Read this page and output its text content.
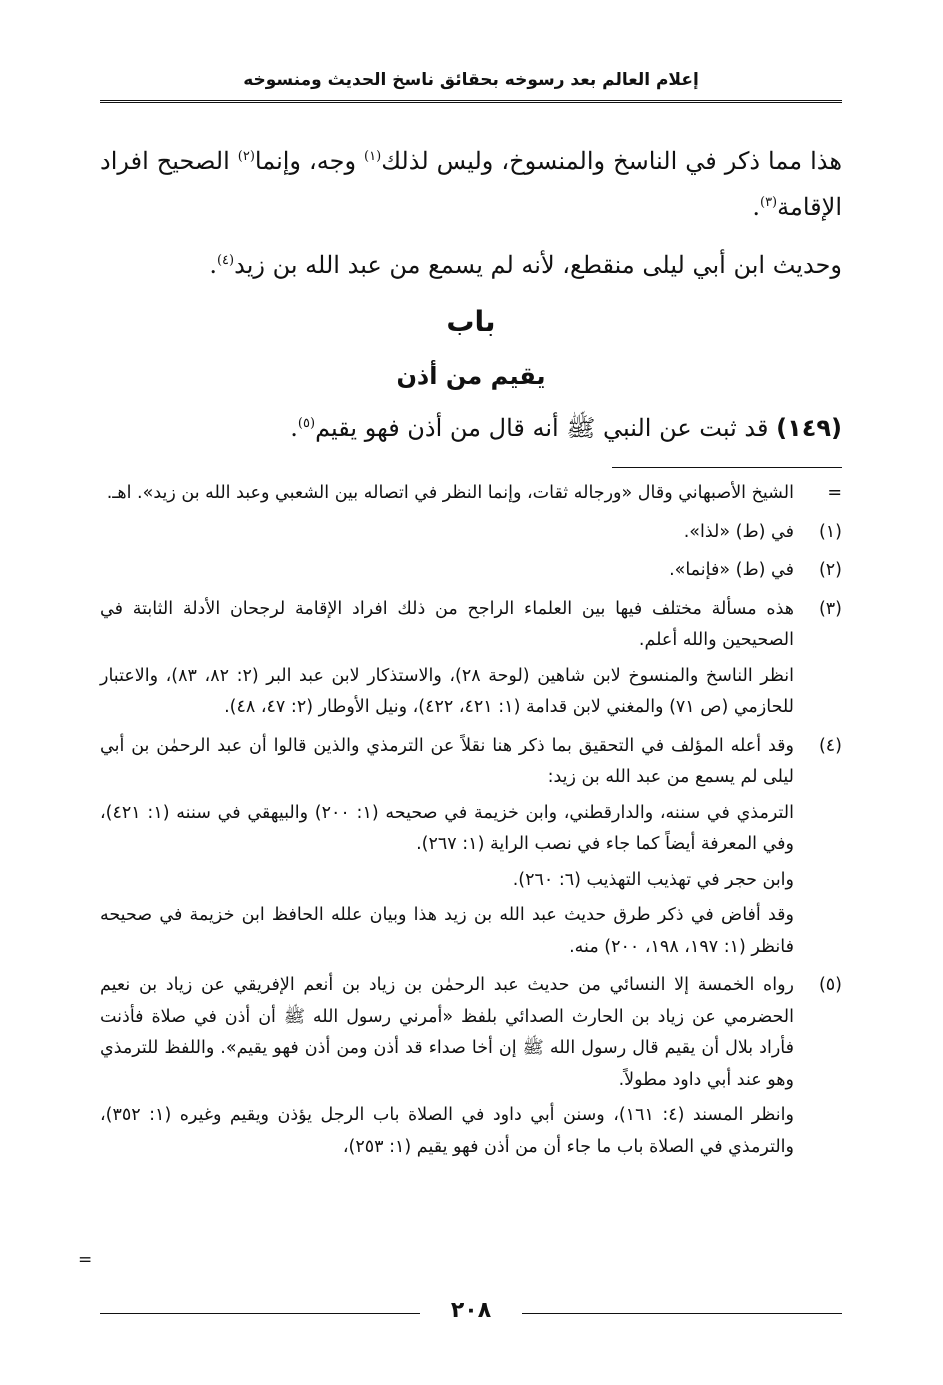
إعلام العالم بعد رسوخه بحقائق ناسخ الحديث ومنسوخه

هذا مما ذكر في الناسخ والمنسوخ، وليس لذلك$^{(١)}$ وجه، وإنما$^{(٢)}$ الصحيح افراد الإقامة$^{(٣)}$.

وحديث ابن أبي ليلى منقطع، لأنه لم يسمع من عبد الله بن زيد$^{(٤)}$.

باب
يقيم من أذن
(١٤٩) قد ثبت عن النبي ﷺ أنه قال من أذن فهو يقيم$^{(٥)}$.
=

الشيخ الأصبهاني وقال «ورجاله ثقات، وإنما النظر في اتصاله بين الشعبي وعبد الله بن زيد». اهـ.

(١)

في (ط) «لذا».

(٢)

في (ط) «فإنما».

(٣)

هذه مسألة مختلف فيها بين العلماء الراجح من ذلك افراد الإقامة لرجحان الأدلة الثابتة في الصحيحين والله أعلم.

انظر الناسخ والمنسوخ لابن شاهين (لوحة ٢٨)، والاستذكار لابن عبد البر (٢: ٨٢، ٨٣)، والاعتبار للحازمي (ص ٧١) والمغني لابن قدامة (١: ٤٢١، ٤٢٢)، ونيل الأوطار (٢: ٤٧، ٤٨).

(٤)

وقد أعله المؤلف في التحقيق بما ذكر هنا نقلاً عن الترمذي والذين قالوا أن عبد الرحمٰن بن أبي ليلى لم يسمع من عبد الله بن زيد:

الترمذي في سننه، والدارقطني، وابن خزيمة في صحيحه (١: ٢٠٠) والبيهقي في سننه (١: ٤٢١)، وفي المعرفة أيضاً كما جاء في نصب الراية (١: ٢٦٧).

وابن حجر في تهذيب التهذيب (٦: ٢٦٠).

وقد أفاض في ذكر طرق حديث عبد الله بن زيد هذا وبيان علله الحافظ ابن خزيمة في صحيحه فانظر (١: ١٩٧، ١٩٨، ٢٠٠) منه.

(٥)

رواه الخمسة إلا النسائي من حديث عبد الرحمٰن بن زياد بن أنعم الإفريقي عن زياد بن نعيم الحضرمي عن زياد بن الحارث الصدائي بلفظ «أمرني رسول الله ﷺ أن أذن في صلاة فأذنت فأراد بلال أن يقيم قال رسول الله ﷺ إن أخا صداء قد أذن ومن أذن فهو يقيم». واللفظ للترمذي وهو عند أبي داود مطولاً.

وانظر المسند (٤: ١٦١)، وسنن أبي داود في الصلاة باب الرجل يؤذن ويقيم وغيره (١: ٣٥٢)، والترمذي في الصلاة باب ما جاء أن من أذن فهو يقيم (١: ٢٥٣)،

=
٢٠٨
